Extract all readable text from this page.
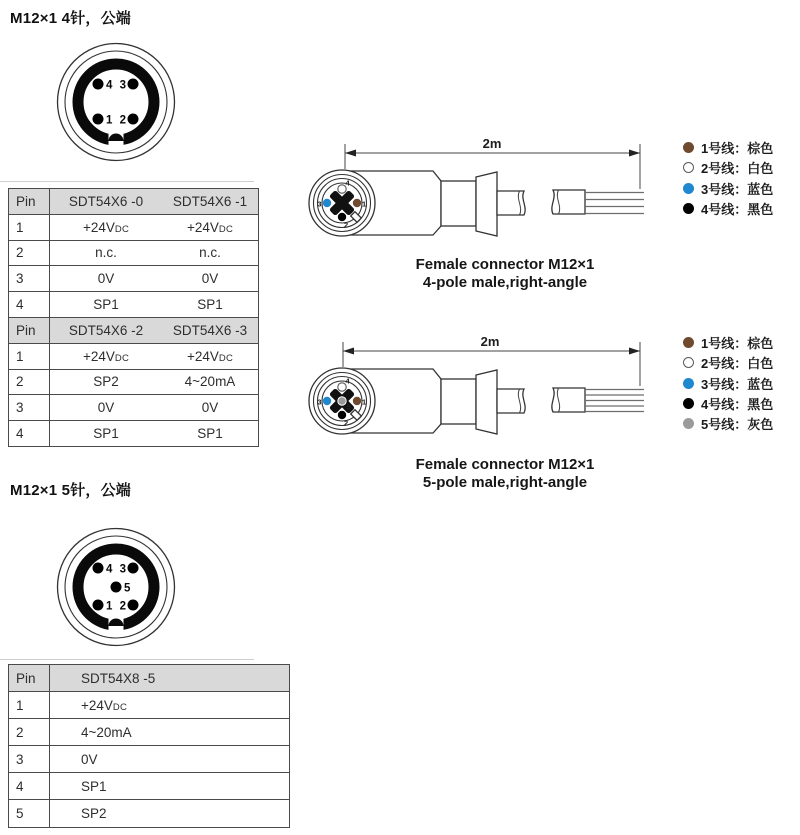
M12×1 4针，公端
4 3
1 2
Pin	SDT54X6 -0	SDT54X6 -1
1	+24VDC	+24VDC
2	n.c.	n.c.
3	0V	0V
4	SP1	SP1
Pin	SDT54X6 -2	SDT54X6 -3
1	+24VDC	+24VDC
2	SP2	4~20mA
3	0V	0V
4	SP1	SP1
2m
4
3	1
2
Female connector M12×1
4-pole male,right-angle
1号线：棕色
2号线：白色
3号线：蓝色
4号线：黑色
2m
4
3	1
2
5
Female connector M12×1
5-pole male,right-angle
1号线：棕色
2号线：白色
3号线：蓝色
4号线：黑色
5号线：灰色
M12×1 5针，公端
4 3
5
1 2
Pin	SDT54X8 -5
1	+24VDC
2	4~20mA
3	0V
4	SP1
5	SP2
